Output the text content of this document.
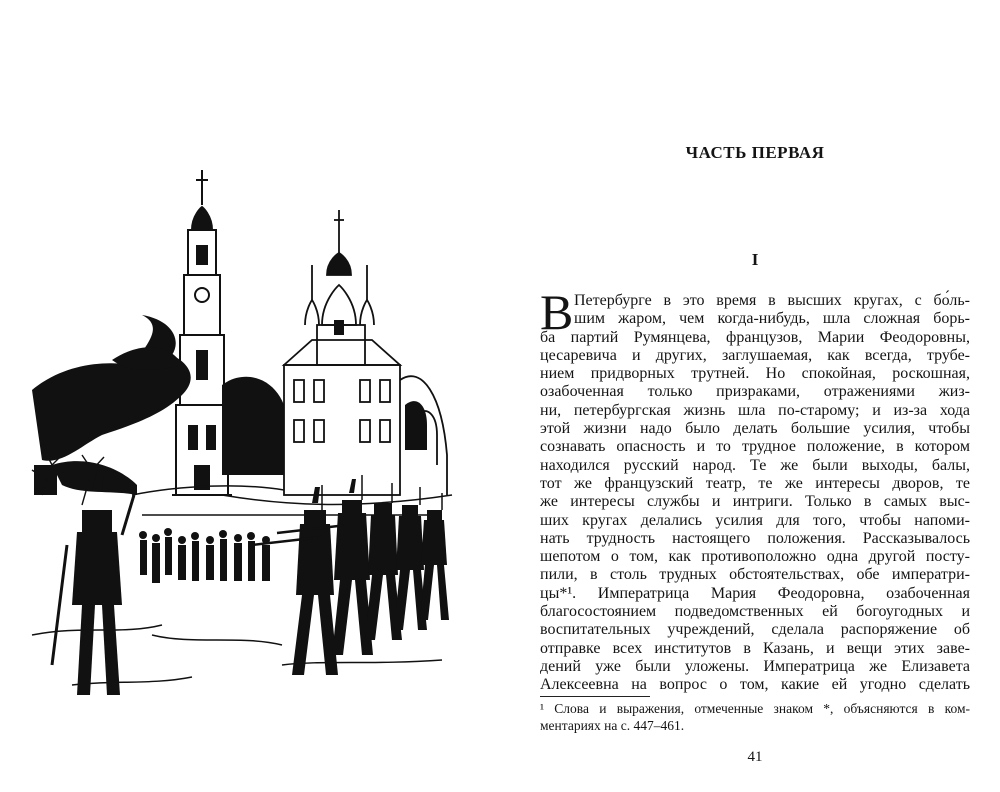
ЧАСТЬ ПЕРВАЯ
I
В Петербурге в это время в высших кругах, с бо́ль-
шим жаром, чем когда-нибудь, шла сложная борь-
ба партий Румянцева, французов, Марии Феодоровны,
цесаревича и других, заглушаемая, как всегда, трубе-
нием придворных трутней. Но спокойная, роскошная,
озабоченная только призраками, отражениями жиз-
ни, петербургская жизнь шла по-старому; и из-за хода
этой жизни надо было делать большие усилия, чтобы
сознавать опасность и то трудное положение, в котором
находился русский народ. Те же были выходы, балы,
тот же французский театр, те же интересы дворов, те
же интересы службы и интриги. Только в самых выс-
ших кругах делались усилия для того, чтобы напоми-
нать трудность настоящего положения. Рассказывалось
шепотом о том, как противоположно одна другой посту-
пили, в столь трудных обстоятельствах, обе императри-
цы*¹. Императрица Мария Феодоровна, озабоченная
благосостоянием подведомственных ей богоугодных и
воспитательных учреждений, сделала распоряжение об
отправке всех институтов в Казань, и вещи этих заве-
дений уже были уложены. Императрица же Елизавета
Алексеевна на вопрос о том, какие ей угодно сделать
¹ Слова и выражения, отмеченные знаком *, объясняются в ком-
ментариях на с. 447–461.
41
